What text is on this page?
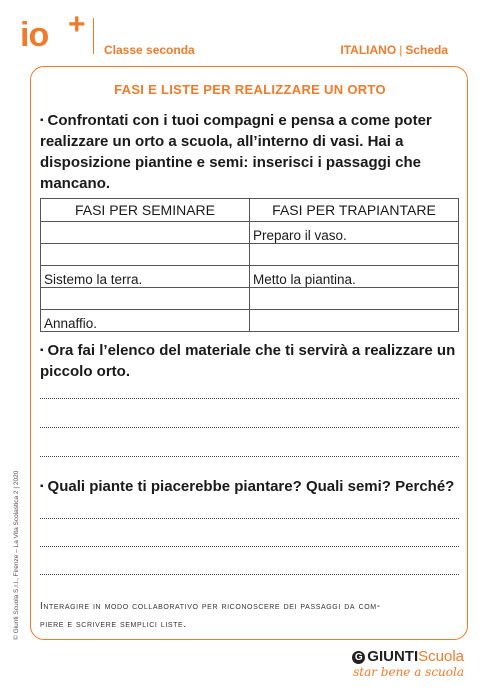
io +
Classe seconda	ITALIANO | Scheda
FASI E LISTE PER REALIZZARE UN ORTO
▪ Confrontati con i tuoi compagni e pensa a come poter
realizzare un orto a scuola, all’interno di vasi. Hai a
disposizione piantine e semi: inserisci i passaggi che
mancano.
FASI PER SEMINARE	FASI PER TRAPIANTARE
	Preparo il vaso.

Sistemo la terra.	Metto la piantina.

Annaffio.	
▪ Ora fai l’elenco del materiale che ti servirà a realizzare un
piccolo orto.
▪ Quali piante ti piacerebbe piantare? Quali semi? Perché?
Interagire in modo collaborativo per riconoscere dei passaggi da com-
piere e scrivere semplici liste.
© Giunti Scuola S.r.l., Firenze – La Vita Scolastica 2 | 2020
G GIUNTIScuola
star bene a scuola
